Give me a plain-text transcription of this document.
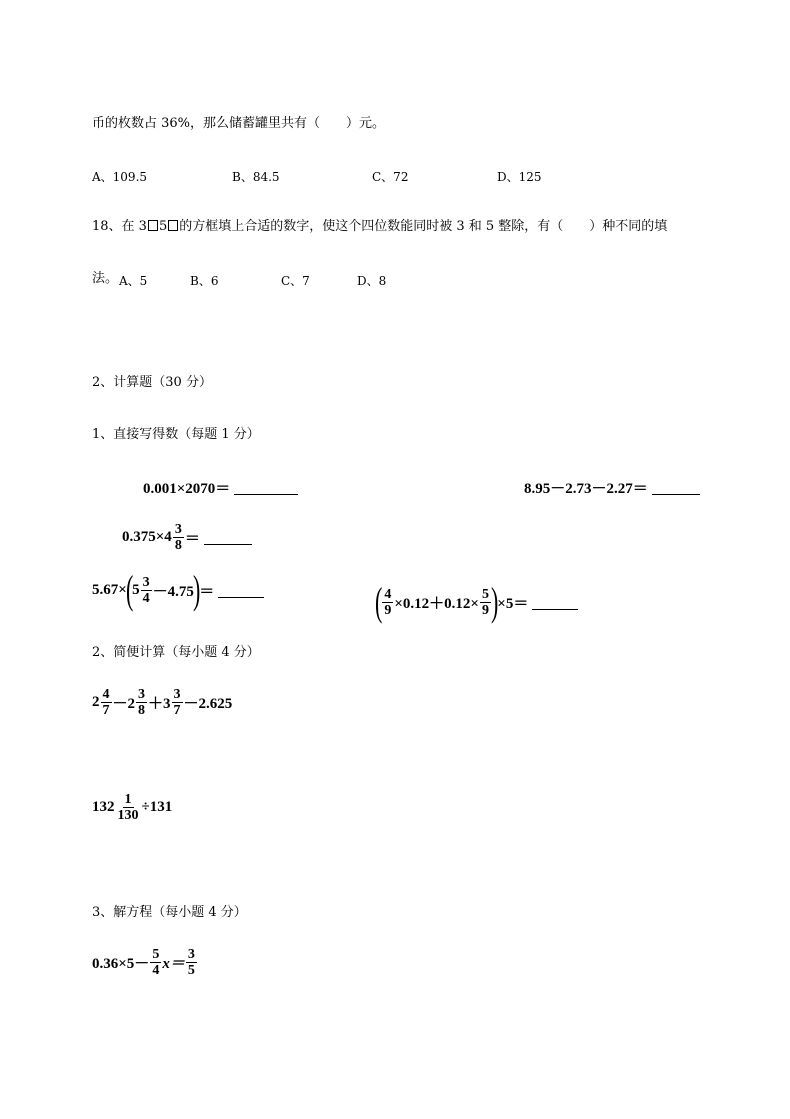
币的枚数占 36%，那么储蓄罐里共有（　　）元。
A、109.5	B、84.5	C、72	D、125
18、在 3 5 的方框填上合适的数字，使这个四位数能同时被 3 和 5 整除，有（　　）种不同的填
法。 A、5	B、6	C、7	D、8
2、计算题（30 分）
1、直接写得数（每题 1 分）
0.001×2070＝	8.95－2.73－2.27＝
$0.375\times 4 \frac{3}{8}$ ＝
5.67×
(
$5 \frac{3}{4} -4.75$
)
＝	( $\frac{4}{9} \times 0.12+0.12\times \frac{5}{9}$ )
×5＝
2、简便计算（每小题 4 分）
$2 \frac{4}{7} -2 \frac{3}{8} +3 \frac{3}{7} -2.625$
$132 \frac{1}{130} \div 131$
3、解方程（每小题 4 分）
$0.36\times 5- \frac{5}{4} x= \frac{3}{5}$
